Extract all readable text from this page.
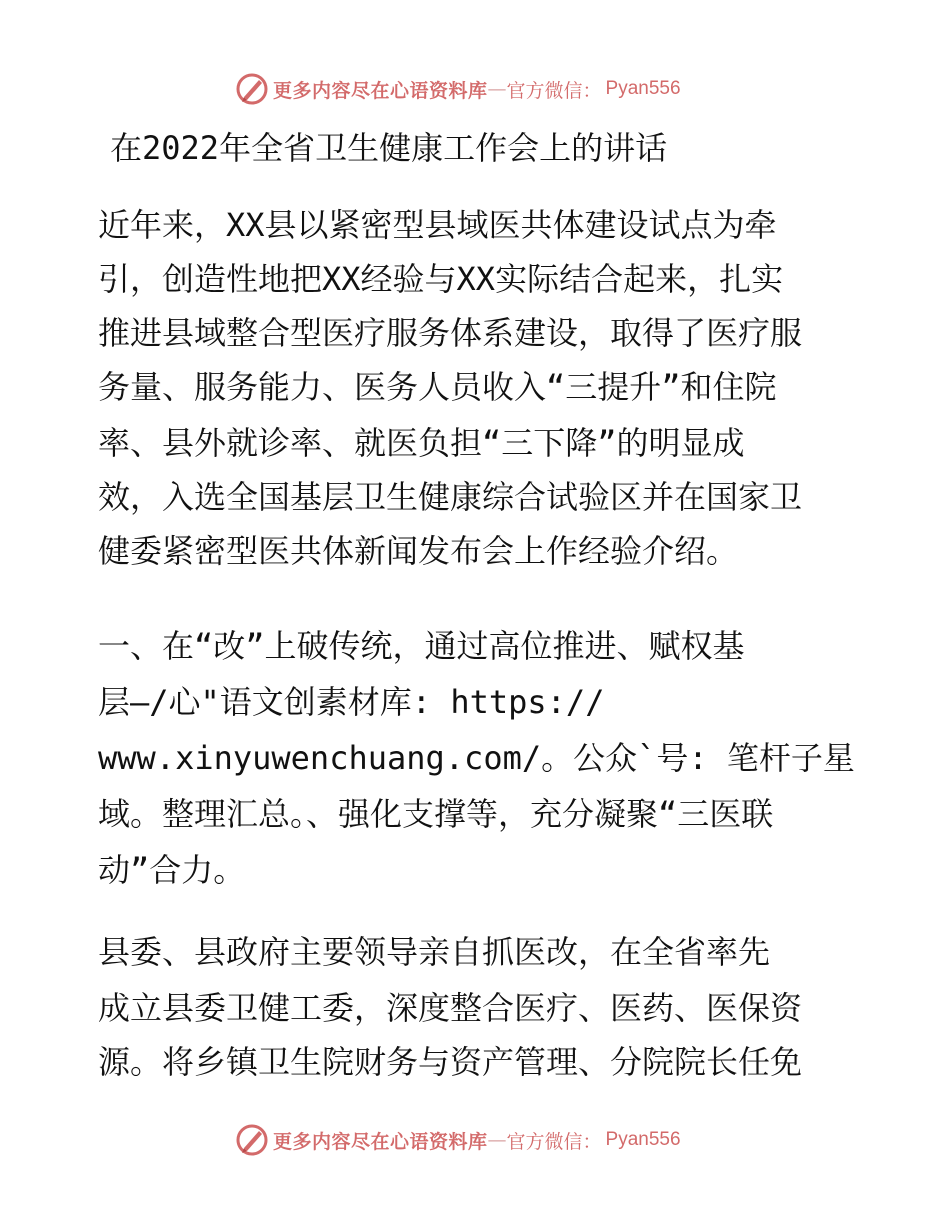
更多内容尽在心语资料库 — 官方微信： Pyan556
在2022年全省卫生健康工作会上的讲话
近年来，XX县以紧密型县域医共体建设试点为牵
引，创造性地把XX经验与XX实际结合起来，扎实
推进县域整合型医疗服务体系建设，取得了医疗服
务量、服务能力、医务人员收入“三提升”和住院
率、县外就诊率、就医负担“三下降”的明显成
效，入选全国基层卫生健康综合试验区并在国家卫
健委紧密型医共体新闻发布会上作经验介绍。
一、在“改”上破传统，通过高位推进、赋权基
层—/心"语文创素材库: https://
www.xinyuwenchuang.com/。公众`号: 笔杆子星
域。整理汇总。、强化支撑等，充分凝聚“三医联
动”合力。
县委、县政府主要领导亲自抓医改，在全省率先
成立县委卫健工委，深度整合医疗、医药、医保资
源。将乡镇卫生院财务与资产管理、分院院长任免
更多内容尽在心语资料库 — 官方微信： Pyan556
